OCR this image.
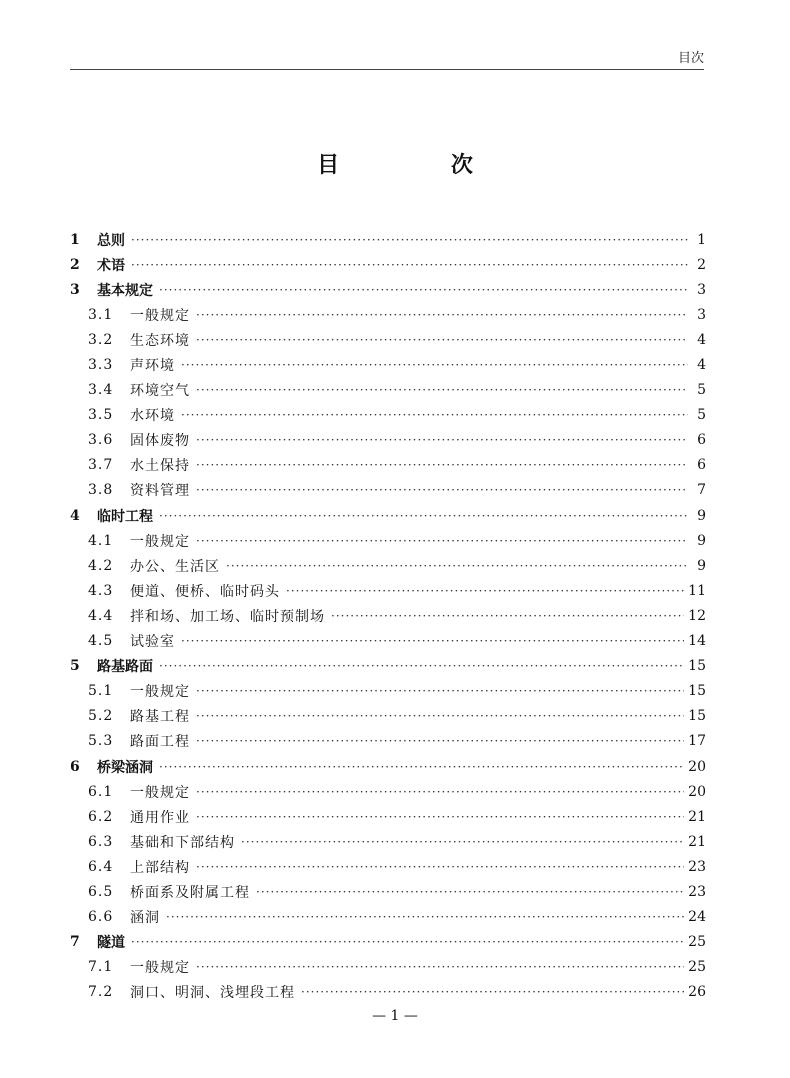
目次
目 次
1	总则 ·····	1
2	术语 ·····	2
3	基本规定 ·····	3
3.1	一般规定 ·····	3
3.2	生态环境 ·····	4
3.3	声环境 ·····	4
3.4	环境空气 ·····	5
3.5	水环境 ·····	5
3.6	固体废物 ·····	6
3.7	水土保持 ·····	6
3.8	资料管理 ·····	7
4	临时工程 ·····	9
4.1	一般规定 ·····	9
4.2	办公、生活区 ·····	9
4.3	便道、便桥、临时码头 ·····	11
4.4	拌和场、加工场、临时预制场 ·····	12
4.5	试验室 ·····	14
5	路基路面 ·····	15
5.1	一般规定 ·····	15
5.2	路基工程 ·····	15
5.3	路面工程 ·····	17
6	桥梁涵洞 ·····	20
6.1	一般规定 ·····	20
6.2	通用作业 ·····	21
6.3	基础和下部结构 ·····	21
6.4	上部结构 ·····	23
6.5	桥面系及附属工程 ·····	23
6.6	涵洞 ·····	24
7	隧道 ·····	25
7.1	一般规定 ·····	25
7.2	洞口、明洞、浅埋段工程 ·····	26
— 1 —
